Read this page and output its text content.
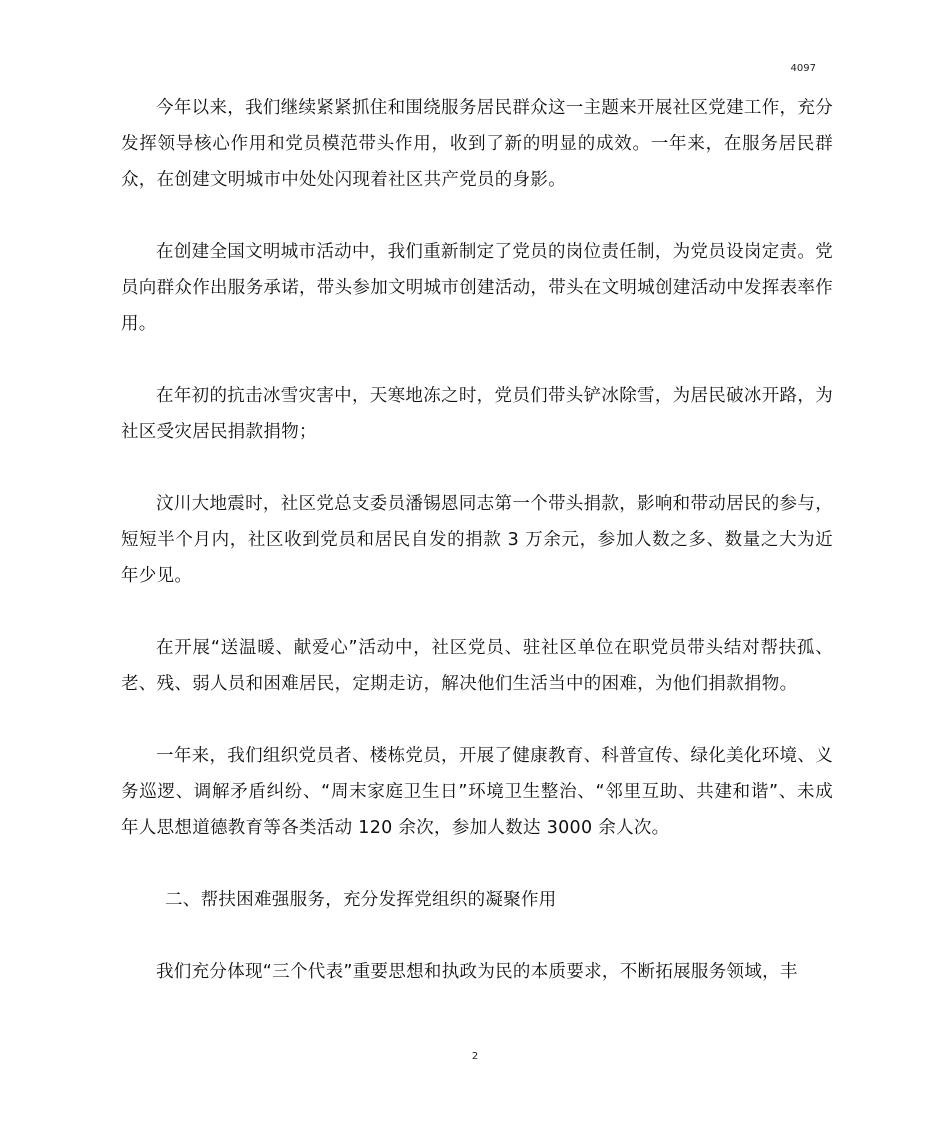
4097

今年以来，我们继续紧紧抓住和围绕服务居民群众这一主题来开展社区党建工作，充分发挥领导核心作用和党员模范带头作用，收到了新的明显的成效。一年来，在服务居民群众，在创建文明城市中处处闪现着社区共产党员的身影。

在创建全国文明城市活动中，我们重新制定了党员的岗位责任制，为党员设岗定责。党员向群众作出服务承诺，带头参加文明城市创建活动，带头在文明城创建活动中发挥表率作用。

在年初的抗击冰雪灾害中，天寒地冻之时，党员们带头铲冰除雪，为居民破冰开路，为社区受灾居民捐款捐物；

汶川大地震时，社区党总支委员潘锡恩同志第一个带头捐款，影响和带动居民的参与，短短半个月内，社区收到党员和居民自发的捐款 3 万余元，参加人数之多、数量之大为近年少见。

在开展“送温暖、献爱心”活动中，社区党员、驻社区单位在职党员带头结对帮扶孤、老、残、弱人员和困难居民，定期走访，解决他们生活当中的困难，为他们捐款捐物。

一年来，我们组织党员者、楼栋党员，开展了健康教育、科普宣传、绿化美化环境、义务巡逻、调解矛盾纠纷、“周末家庭卫生日”环境卫生整治、“邻里互助、共建和谐”、未成年人思想道德教育等各类活动 120 余次，参加人数达 3000 余人次。

二、帮扶困难强服务，充分发挥党组织的凝聚作用

我们充分体现“三个代表”重要思想和执政为民的本质要求，不断拓展服务领域，丰

2
